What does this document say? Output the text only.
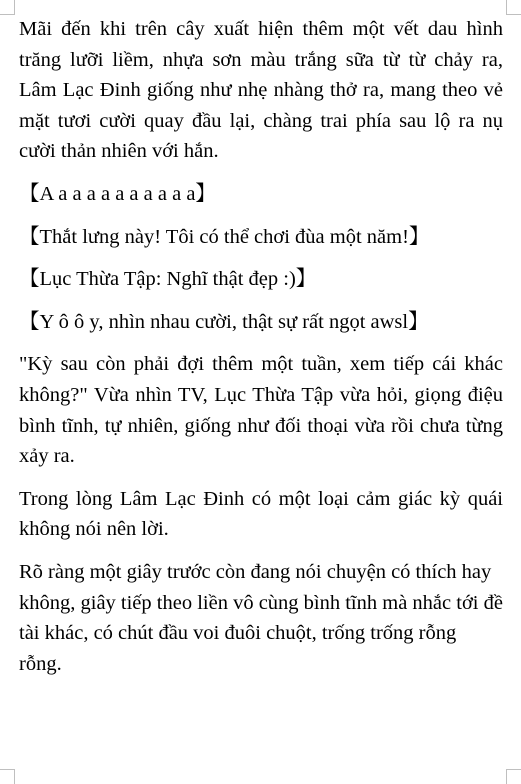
Mãi đến khi trên cây xuất hiện thêm một vết dau hình trăng lưỡi liềm, nhựa sơn màu trắng sữa từ từ chảy ra, Lâm Lạc Đinh giống như nhẹ nhàng thở ra, mang theo vẻ mặt tươi cười quay đầu lại, chàng trai phía sau lộ ra nụ cười thản nhiên với hắn.

【A a a a a a a a a a a】

【Thắt lưng này! Tôi có thể chơi đùa một năm!】

【Lục Thừa Tập: Nghĩ thật đẹp :)】

【Y ô ô y, nhìn nhau cười, thật sự rất ngọt awsl】

"Kỳ sau còn phải đợi thêm một tuần, xem tiếp cái khác không?" Vừa nhìn TV, Lục Thừa Tập vừa hỏi, giọng điệu bình tĩnh, tự nhiên, giống như đối thoại vừa rồi chưa từng xảy ra.

Trong lòng Lâm Lạc Đinh có một loại cảm giác kỳ quái không nói nên lời.

Rõ ràng một giây trước còn đang nói chuyện có thích hay không, giây tiếp theo liền vô cùng bình tĩnh mà nhắc tới đề tài khác, có chút đầu voi đuôi chuột, trống trống rỗng rỗng.
